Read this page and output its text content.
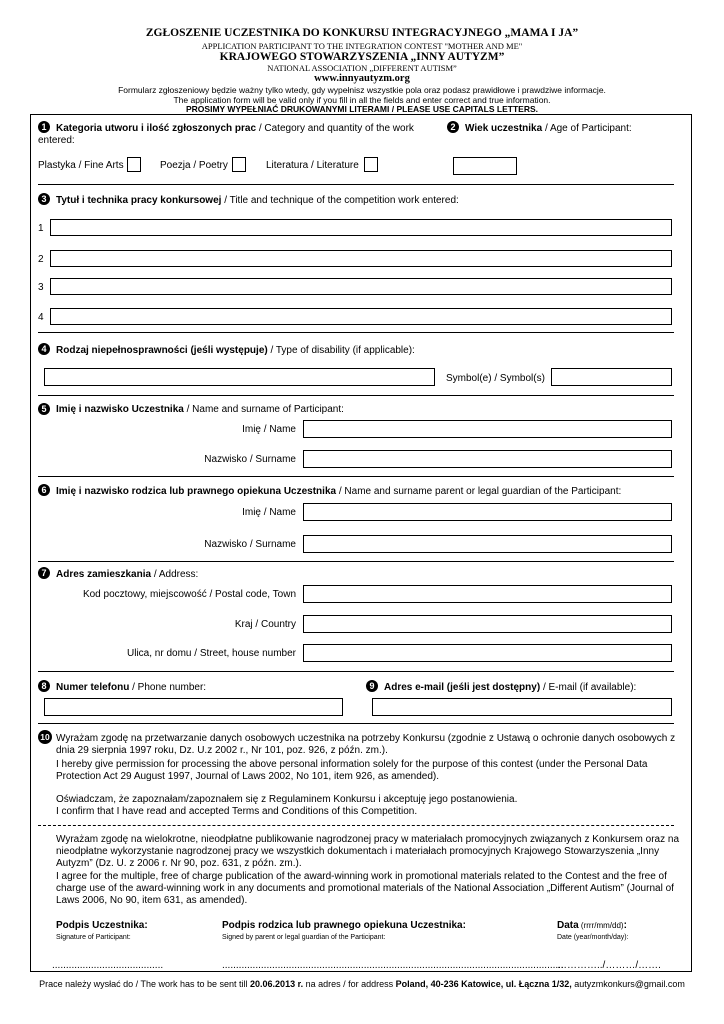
ZGŁOSZENIE UCZESTNIKA DO KONKURSU INTEGRACYJNEGO „MAMA I JA”
APPLICATION PARTICIPANT TO THE INTEGRATION CONTEST "MOTHER AND ME"
KRAJOWEGO STOWARZYSZENIA „INNY AUTYZM”
NATIONAL ASSOCIATION „DIFFERENT AUTISM”
www.innyautyzm.org
Formularz zgłoszeniowy będzie ważny tylko wtedy, gdy wypełnisz wszystkie pola oraz podasz prawidłowe i prawdziwe informacje.
The application form will be valid only if you fill in all the fields and enter correct and true information.
PROSIMY WYPEŁNIAĆ DRUKOWANYMI LITERAMI / PLEASE USE CAPITALS LETTERS.
1 Kategoria utworu i ilość zgłoszonych prac / Category and quantity of the work
entered:
Plastyka / Fine Arts	Poezja / Poetry	Literatura / Literature
2 Wiek uczestnika / Age of Participant:
3 Tytuł i technika pracy konkursowej / Title and technique of the competition work entered:
1
2
3
4
4 Rodzaj niepełnosprawności (jeśli występuje) / Type of disability (if applicable):
Symbol(e) / Symbol(s)
5 Imię i nazwisko Uczestnika / Name and surname of Participant:
Imię / Name
Nazwisko / Surname
6 Imię i nazwisko rodzica lub prawnego opiekuna Uczestnika / Name and surname parent or legal guardian of the Participant:
Imię / Name
Nazwisko / Surname
7 Adres zamieszkania / Address:
Kod pocztowy, miejscowość / Postal code, Town
Kraj / Country
Ulica, nr domu / Street, house number
8 Numer telefonu / Phone number:	9 Adres e-mail (jeśli jest dostępny) / E-mail (if available):
10 Wyrażam zgodę na przetwarzanie danych osobowych uczestnika na potrzeby Konkursu (zgodnie z Ustawą o ochronie danych osobowych z dnia 29 sierpnia 1997 roku, Dz. U.z 2002 r., Nr 101, poz. 926, z późn. zm.).
I hereby give permission for processing the above personal information solely for the purpose of this contest (under the Personal Data Protection Act 29 August 1997, Journal of Laws 2002, No 101, item 926, as amended).
Oświadczam, że zapoznałam/zapoznałem się z Regulaminem Konkursu i akceptuję jego postanowienia.
I confirm that I have read and accepted Terms and Conditions of this Competition.
Wyrażam zgodę na wielokrotne, nieodpłatne publikowanie nagrodzonej pracy w materiałach promocyjnych związanych z Konkursem oraz na nieodpłatne wykorzystanie nagrodzonej pracy we wszystkich dokumentach i materiałach promocyjnych Krajowego Stowarzyszenia „Inny Autyzm” (Dz. U. z 2006 r. Nr 90, poz. 631, z późn. zm.).
I agree for the multiple, free of charge publication of the award-winning work in promotional materials related to the Contest and the free of charge use of the award-winning work in any documents and promotional materials of the National Association „Different Autism” (Journal of Laws 2006, No 90, item 631, as amended).
Podpis Uczestnika:
Signature of Participant:
Podpis rodzica lub prawnego opiekuna Uczestnika:
Signed by parent or legal guardian of the Participant:
Data (rrrr/mm/dd):
Date (year/month/day):
........................................	...........................................................................................................................
…………../………/…….
Prace należy wysłać do / The work has to be sent till 20.06.2013 r. na adres / for address Poland, 40-236 Katowice, ul. Łączna 1/32, autyzmkonkurs@gmail.com
